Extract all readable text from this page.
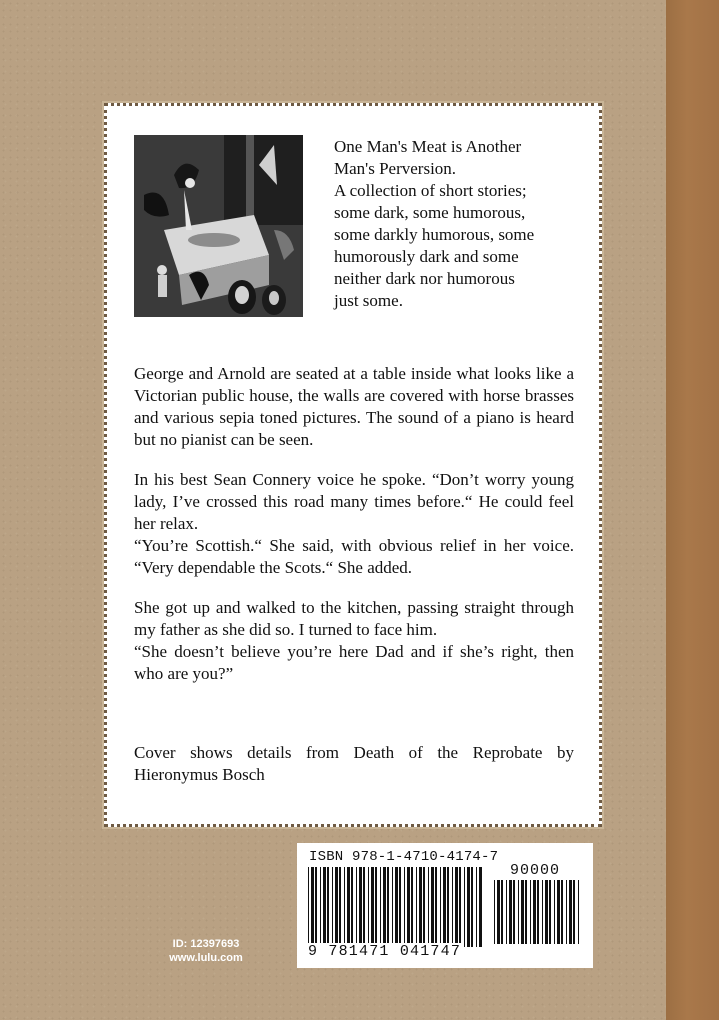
One Man's Meat is Another
Man's Perversion.
A collection of short stories;
some dark, some humorous,
some darkly humorous, some
humorously dark and some
neither dark nor humorous
just some.

George and Arnold are seated at a table inside what looks like a Victorian public house, the walls are covered with horse brasses and various sepia toned pictures. The sound of a piano is heard but no pianist can be seen.

In his best Sean Connery voice he spoke. “Don’t worry young lady, I’ve crossed this road many times before.“ He could feel her relax.

“You’re Scottish.“ She said, with obvious relief in her voice. “Very dependable the Scots.“ She added.

She got up and walked to the kitchen, passing straight through my father as she did so. I turned to face him.

“She doesn’t believe you’re here Dad and if she’s right, then who are you?”

Cover shows details from Death of the Reprobate by Hieronymus Bosch

ID: 12397693
www.lulu.com
ISBN 978-1-4710-4174-7
90000
9 781471 041747
